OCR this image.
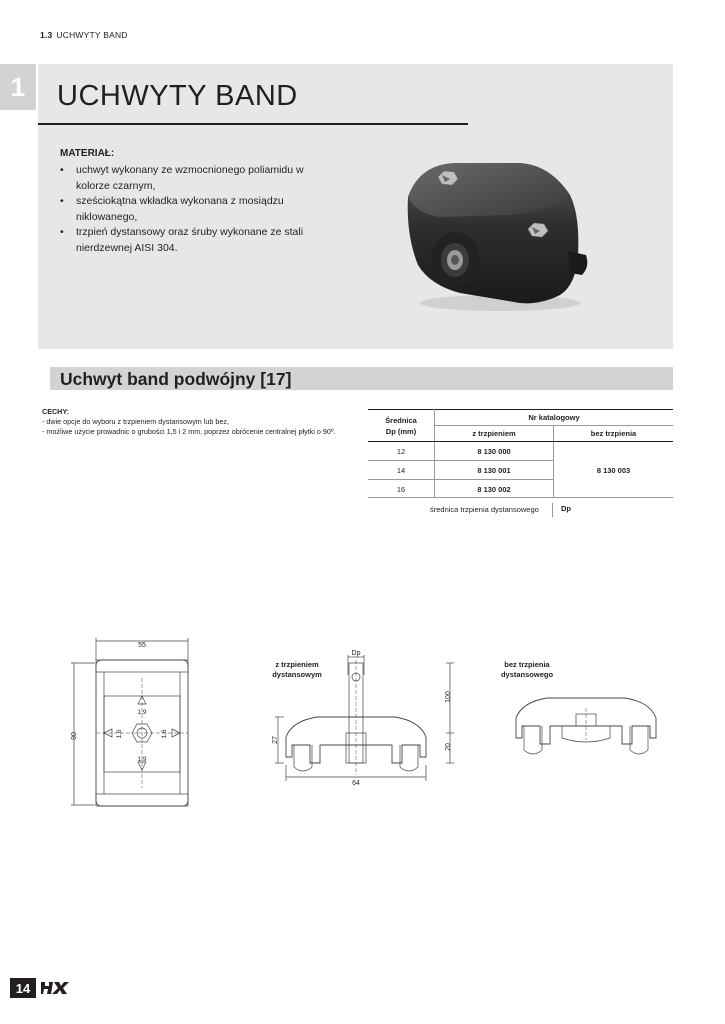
1.3 UCHWYTY BAND
1	UCHWYTY BAND
MATERIAŁ:
• uchwyt wykonany ze wzmocnionego poliamidu w kolorze czarnym,
• sześciokątna wkładka wykonana z mosiądzu niklowanego,
• trzpień dystansowy oraz śruby wykonane ze stali nierdzewnej AISI 304.
Uchwyt band podwójny [17]
CECHY:
- dwie opcje do wyboru z trzpieniem dystansowym lub bez,
- możliwe użycie prowadnic o grubości 1,5 i 2 mm, poprzez obrócenie centralnej płytki o 90º.
Średnica
Dp (mm)	Nr katalogowy	
	z trzpieniem	bez trzpienia
12	8 130 000	8 130 003
14	8 130 001	
16	8 130 002	
średnica trzpienia dystansowego	Dp
55
90
1,9
1,6	1,6
1,9
z trzpieniem
dystansowym
Dp
100
20
27
64
bez trzpienia
dystansowego
14
